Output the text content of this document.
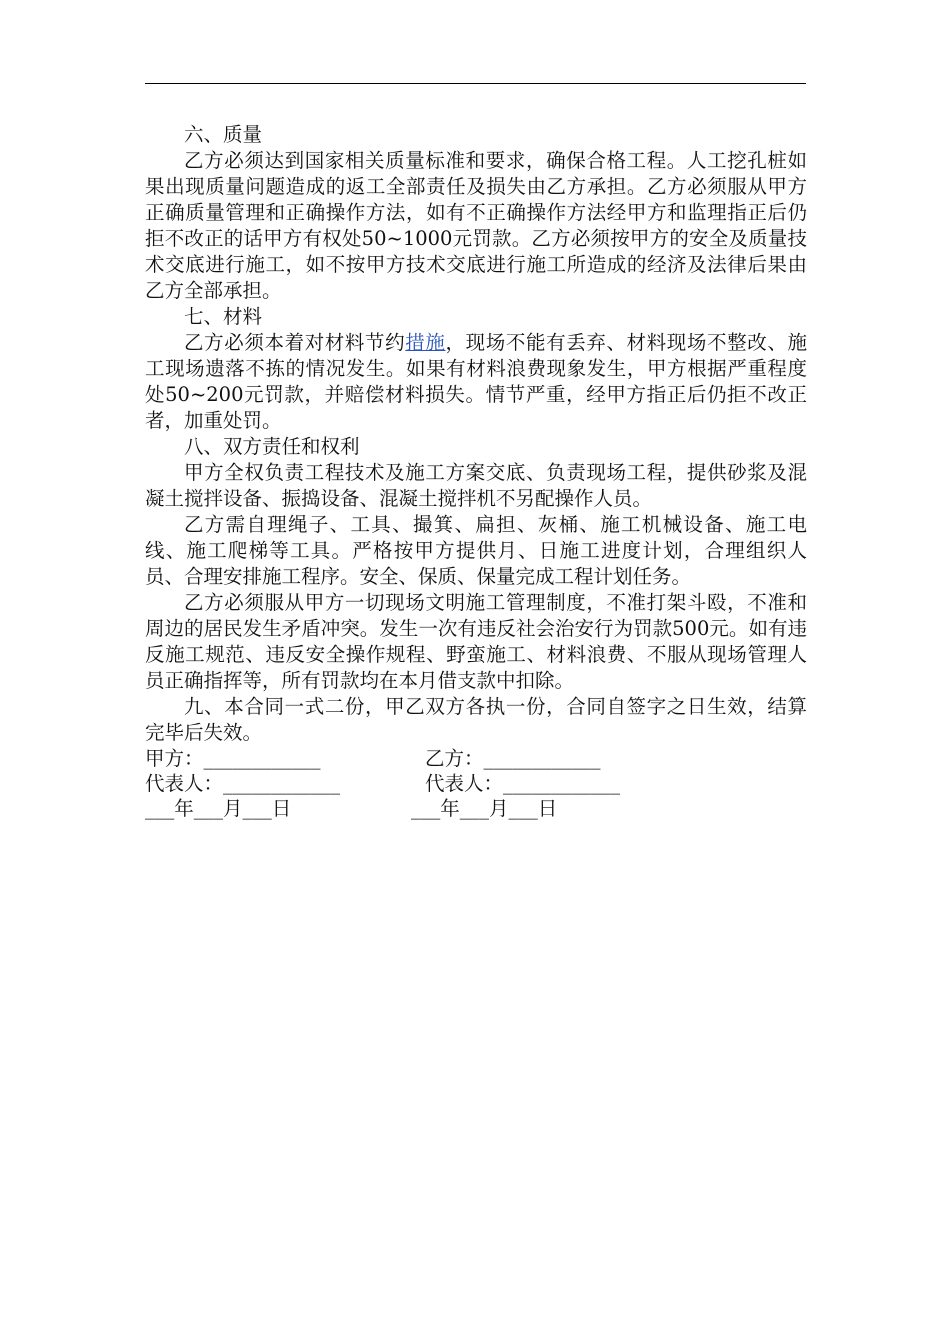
六、质量

乙方必须达到国家相关质量标准和要求，确保合格工程。人工挖孔桩如果出现质量问题造成的返工全部责任及损失由乙方承担。乙方必须服从甲方正确质量管理和正确操作方法，如有不正确操作方法经甲方和监理指正后仍拒不改正的话甲方有权处50~1000元罚款。乙方必须按甲方的安全及质量技术交底进行施工，如不按甲方技术交底进行施工所造成的经济及法律后果由乙方全部承担。

七、材料

乙方必须本着对材料节约措施，现场不能有丢弃、材料现场不整改、施工现场遗落不拣的情况发生。如果有材料浪费现象发生，甲方根据严重程度处50~200元罚款，并赔偿材料损失。情节严重，经甲方指正后仍拒不改正者，加重处罚。

八、双方责任和权利

甲方全权负责工程技术及施工方案交底、负责现场工程，提供砂浆及混凝土搅拌设备、振捣设备、混凝土搅拌机不另配操作人员。

乙方需自理绳子、工具、撮箕、扁担、灰桶、施工机械设备、施工电线、施工爬梯等工具。严格按甲方提供月、日施工进度计划，合理组织人员、合理安排施工程序。安全、保质、保量完成工程计划任务。

乙方必须服从甲方一切现场文明施工管理制度，不准打架斗殴，不准和周边的居民发生矛盾冲突。发生一次有违反社会治安行为罚款500元。如有违反施工规范、违反安全操作规程、野蛮施工、材料浪费、不服从现场管理人员正确指挥等，所有罚款均在本月借支款中扣除。

九、本合同一式二份，甲乙双方各执一份，合同自签字之日生效，结算完毕后失效。

甲方：____________	乙方：____________
代表人：____________	代表人：____________
___年___月___日	___年___月___日
